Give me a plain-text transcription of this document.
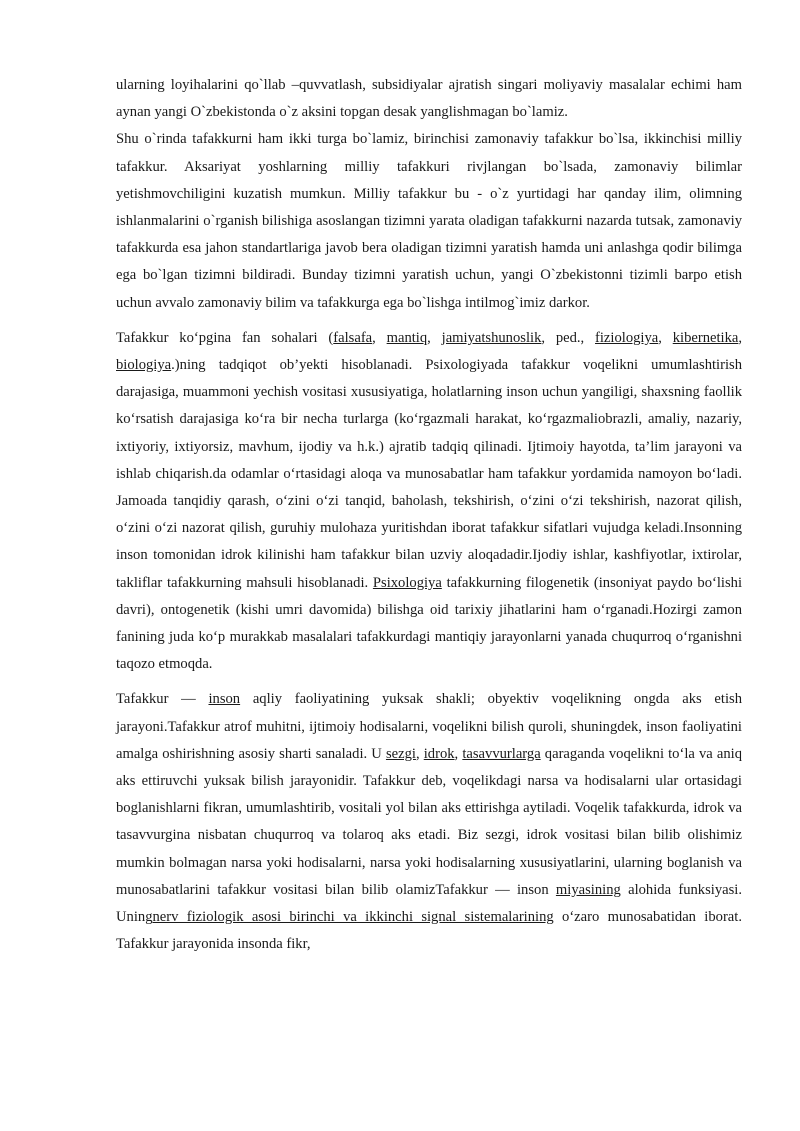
ularning loyihalarini qo`llab –quvvatlash, subsidiyalar ajratish singari moliyaviy masalalar echimi ham aynan yangi O`zbekistonda o`z aksini topgan desak yanglishmagan bo`lamiz.

Shu o`rinda tafakkurni ham ikki turga bo`lamiz, birinchisi zamonaviy tafakkur bo`lsa, ikkinchisi milliy tafakkur. Aksariyat yoshlarning milliy tafakkuri rivjlangan bo`lsada, zamonaviy bilimlar yetishmovchiligini kuzatish mumkun. Milliy tafakkur bu - o`z yurtidagi har qanday ilim, olimning ishlanmalarini o`rganish bilishiga asoslangan tizimni yarata oladigan tafakkurni nazarda tutsak, zamonaviy tafakkurda esa jahon standartlariga javob bera oladigan tizimni yaratish hamda uni anlashga qodir bilimga ega bo`lgan tizimni bildiradi. Bunday tizimni yaratish uchun, yangi O`zbekistonni tizimli barpo etish uchun avvalo zamonaviy bilim va tafakkurga ega bo`lishga intilmog`imiz darkor.

Tafakkur ko‘pgina fan sohalari (falsafa, mantiq, jamiyatshunoslik, ped., fiziologiya, kibernetika, biologiya.)ning tadqiqot ob’yekti hisoblanadi. Psixologiyada tafakkur voqelikni umumlashtirish darajasiga, muammoni yechish vositasi xususiyatiga, holatlarning inson uchun yangiligi, shaxsning faollik ko‘rsatish darajasiga ko‘ra bir necha turlarga (ko‘rgazmali harakat, ko‘rgazmaliobrazli, amaliy, nazariy, ixtiyoriy, ixtiyorsiz, mavhum, ijodiy va h.k.) ajratib tadqiq qilinadi. Ijtimoiy hayotda, ta’lim jarayoni va ishlab chiqarish.da odamlar o‘rtasidagi aloqa va munosabatlar ham tafakkur yordamida namoyon bo‘ladi. Jamoada tanqidiy qarash, o‘zini o‘zi tanqid, baholash, tekshirish, o‘zini o‘zi tekshirish, nazorat qilish, o‘zini o‘zi nazorat qilish, guruhiy mulohaza yuritishdan iborat tafakkur sifatlari vujudga keladi.Insonning inson tomonidan idrok kilinishi ham tafakkur bilan uzviy aloqadadir.Ijodiy ishlar, kashfiyotlar, ixtirolar, takliflar tafakkurning mahsuli hisoblanadi. Psixologiya tafakkurning filogenetik (insoniyat paydo bo‘lishi davri), ontogenetik (kishi umri davomida) bilishga oid tarixiy jihatlarini ham o‘rganadi.Hozirgi zamon fanining juda ko‘p murakkab masalalari tafakkurdagi mantiqiy jarayonlarni yanada chuqurroq o‘rganishni taqozo etmoqda.

Tafakkur — inson aqliy faoliyatining yuksak shakli; obyektiv voqelikning ongda aks etish jarayoni.Tafakkur atrof muhitni, ijtimoiy hodisalarni, voqelikni bilish quroli, shuningdek, inson faoliyatini amalga oshirishning asosiy sharti sanaladi. U sezgi, idrok, tasavvurlarga qaraganda voqelikni to‘la va aniq aks ettiruvchi yuksak bilish jarayonidir. Tafakkur deb, voqelikdagi narsa va hodisalarni ular ortasidagi boglanishlarni fikran, umumlashtirib, vositali yol bilan aks ettirishga aytiladi. Voqelik tafakkurda, idrok va tasavvurgina nisbatan chuqurroq va tolaroq aks etadi. Biz sezgi, idrok vositasi bilan bilib olishimiz mumkin bolmagan narsa yoki hodisalarni, narsa yoki hodisalarning xususiyatlarini, ularning boglanish va munosabatlarini tafakkur vositasi bilan bilib olamizTafakkur — inson miyasining alohida funksiyasi. Uningnerv fiziologik asosi birinchi va ikkinchi signal sistemalarining o‘zaro munosabatidan iborat. Tafakkur jarayonida insonda fikr,
